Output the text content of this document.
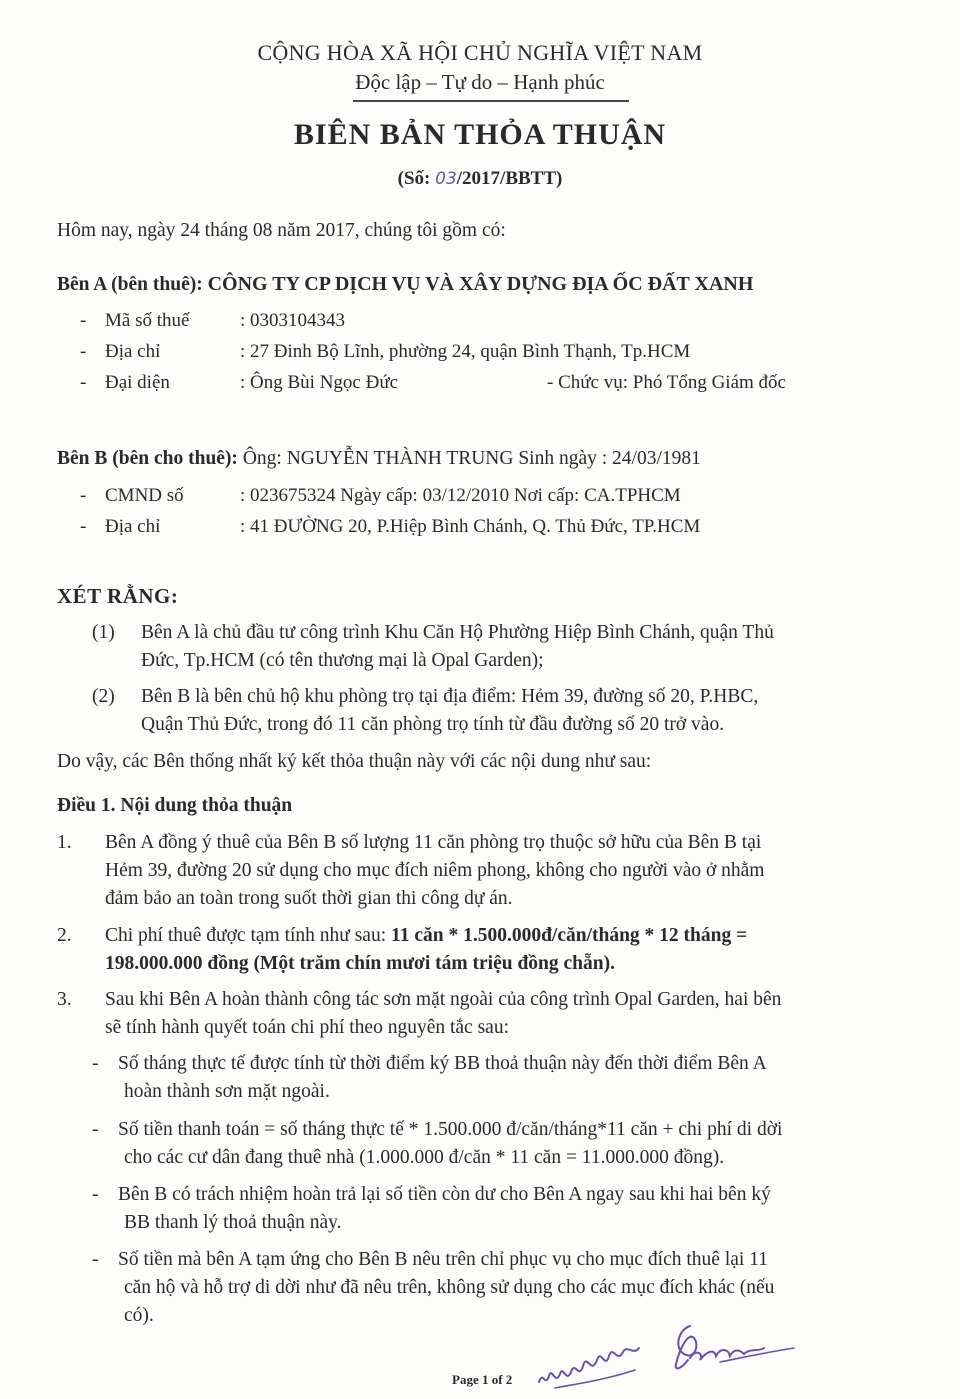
CỘNG HÒA XÃ HỘI CHỦ NGHĨA VIỆT NAM
Độc lập – Tự do – Hạnh phúc
BIÊN BẢN THỎA THUẬN
(Số: 03/2017/BBTT)
Hôm nay, ngày 24 tháng 08 năm 2017, chúng tôi gồm có:
Bên A (bên thuê): CÔNG TY CP DỊCH VỤ VÀ XÂY DỰNG ĐỊA ỐC ĐẤT XANH
- Mã số thuế	: 0303104343
- Địa chỉ	: 27 Đinh Bộ Lĩnh, phường 24, quận Bình Thạnh, Tp.HCM
- Đại diện	: Ông Bùi Ngọc Đức	- Chức vụ: Phó Tổng Giám đốc
Bên B (bên cho thuê): Ông: NGUYỄN THÀNH TRUNG Sinh ngày : 24/03/1981
- CMND số	: 023675324 Ngày cấp: 03/12/2010 Nơi cấp: CA.TPHCM
- Địa chỉ	: 41 ĐƯỜNG 20, P.Hiệp Bình Chánh, Q. Thủ Đức, TP.HCM
XÉT RẰNG:
(1) Bên A là chủ đầu tư công trình Khu Căn Hộ Phường Hiệp Bình Chánh, quận Thủ
Đức, Tp.HCM (có tên thương mại là Opal Garden);
(2) Bên B là bên chủ hộ khu phòng trọ tại địa điểm: Hẻm 39, đường số 20, P.HBC,
Quận Thủ Đức, trong đó 11 căn phòng trọ tính từ đầu đường số 20 trở vào.
Do vậy, các Bên thống nhất ký kết thỏa thuận này với các nội dung như sau:
Điều 1. Nội dung thỏa thuận
1. Bên A đồng ý thuê của Bên B số lượng 11 căn phòng trọ thuộc sở hữu của Bên B tại
Hẻm 39, đường 20 sử dụng cho mục đích niêm phong, không cho người vào ở nhằm
đảm bảo an toàn trong suốt thời gian thi công dự án.
2. Chi phí thuê được tạm tính như sau: 11 căn * 1.500.000đ/căn/tháng * 12 tháng =
198.000.000 đồng (Một trăm chín mươi tám triệu đồng chẵn).
3. Sau khi Bên A hoàn thành công tác sơn mặt ngoài của công trình Opal Garden, hai bên
sẽ tính hành quyết toán chi phí theo nguyên tắc sau:
- Số tháng thực tế được tính từ thời điểm ký BB thoả thuận này đến thời điểm Bên A
hoàn thành sơn mặt ngoài.
- Số tiền thanh toán = số tháng thực tế * 1.500.000 đ/căn/tháng*11 căn + chi phí di dời
cho các cư dân đang thuê nhà (1.000.000 đ/căn * 11 căn = 11.000.000 đồng).
- Bên B có trách nhiệm hoàn trả lại số tiền còn dư cho Bên A ngay sau khi hai bên ký
BB thanh lý thoả thuận này.
- Số tiền mà bên A tạm ứng cho Bên B nêu trên chỉ phục vụ cho mục đích thuê lại 11
căn hộ và hỗ trợ di dời như đã nêu trên, không sử dụng cho các mục đích khác (nếu
có).
Page 1 of 2
